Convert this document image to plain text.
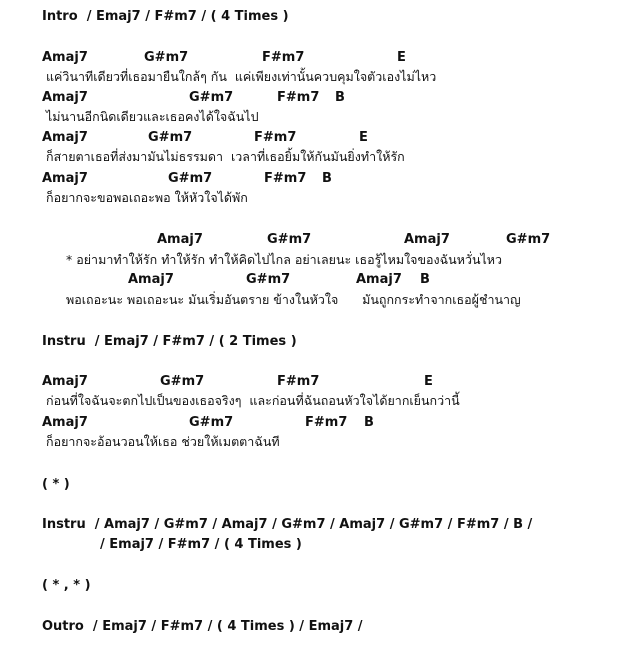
Intro  / Emaj7 / F#m7 / ( 4 Times )
Amaj7	G#m7	F#m7	E
แค่วินาทีเดียวที่เธอมายืนใกล้ๆ กัน  แค่เพียงเท่านั้นควบคุมใจตัวเองไม่ไหว
Amaj7	G#m7	F#m7 B
ไม่นานอีกนิดเดียวและเธอคงได้ใจฉันไป
Amaj7	G#m7	F#m7	E
ก็สายตาเธอที่ส่งมามันไม่ธรรมดา  เวลาที่เธอยิ้มให้กันมันยิ่งทำให้รัก
Amaj7	G#m7	F#m7 B
ก็อยากจะขอพอเถอะพอ ให้หัวใจได้พัก
Amaj7	G#m7	Amaj7	G#m7
* อย่ามาทำให้รัก ทำให้รัก ทำให้คิดไปไกล อย่าเลยนะ เธอรู้ไหมใจของฉันหวั่นไหว
Amaj7	G#m7	Amaj7 B
พอเถอะนะ พอเถอะนะ มันเริ่มอันตราย ข้างในหัวใจ      มันถูกกระทำจากเธอผู้ชำนาญ
Instru  / Emaj7 / F#m7 / ( 2 Times )
Amaj7	G#m7	F#m7	E
ก่อนที่ใจฉันจะตกไปเป็นของเธอจริงๆ  และก่อนที่ฉันถอนหัวใจได้ยากเย็นกว่านี้
Amaj7	G#m7	F#m7 B
ก็อยากจะอ้อนวอนให้เธอ ช่วยให้เมตตาฉันที
( * )
Instru  / Amaj7 / G#m7 / Amaj7 / G#m7 / Amaj7 / G#m7 / F#m7 / B /
/ Emaj7 / F#m7 / ( 4 Times )
( * , * )
Outro  / Emaj7 / F#m7 / ( 4 Times ) / Emaj7 /
